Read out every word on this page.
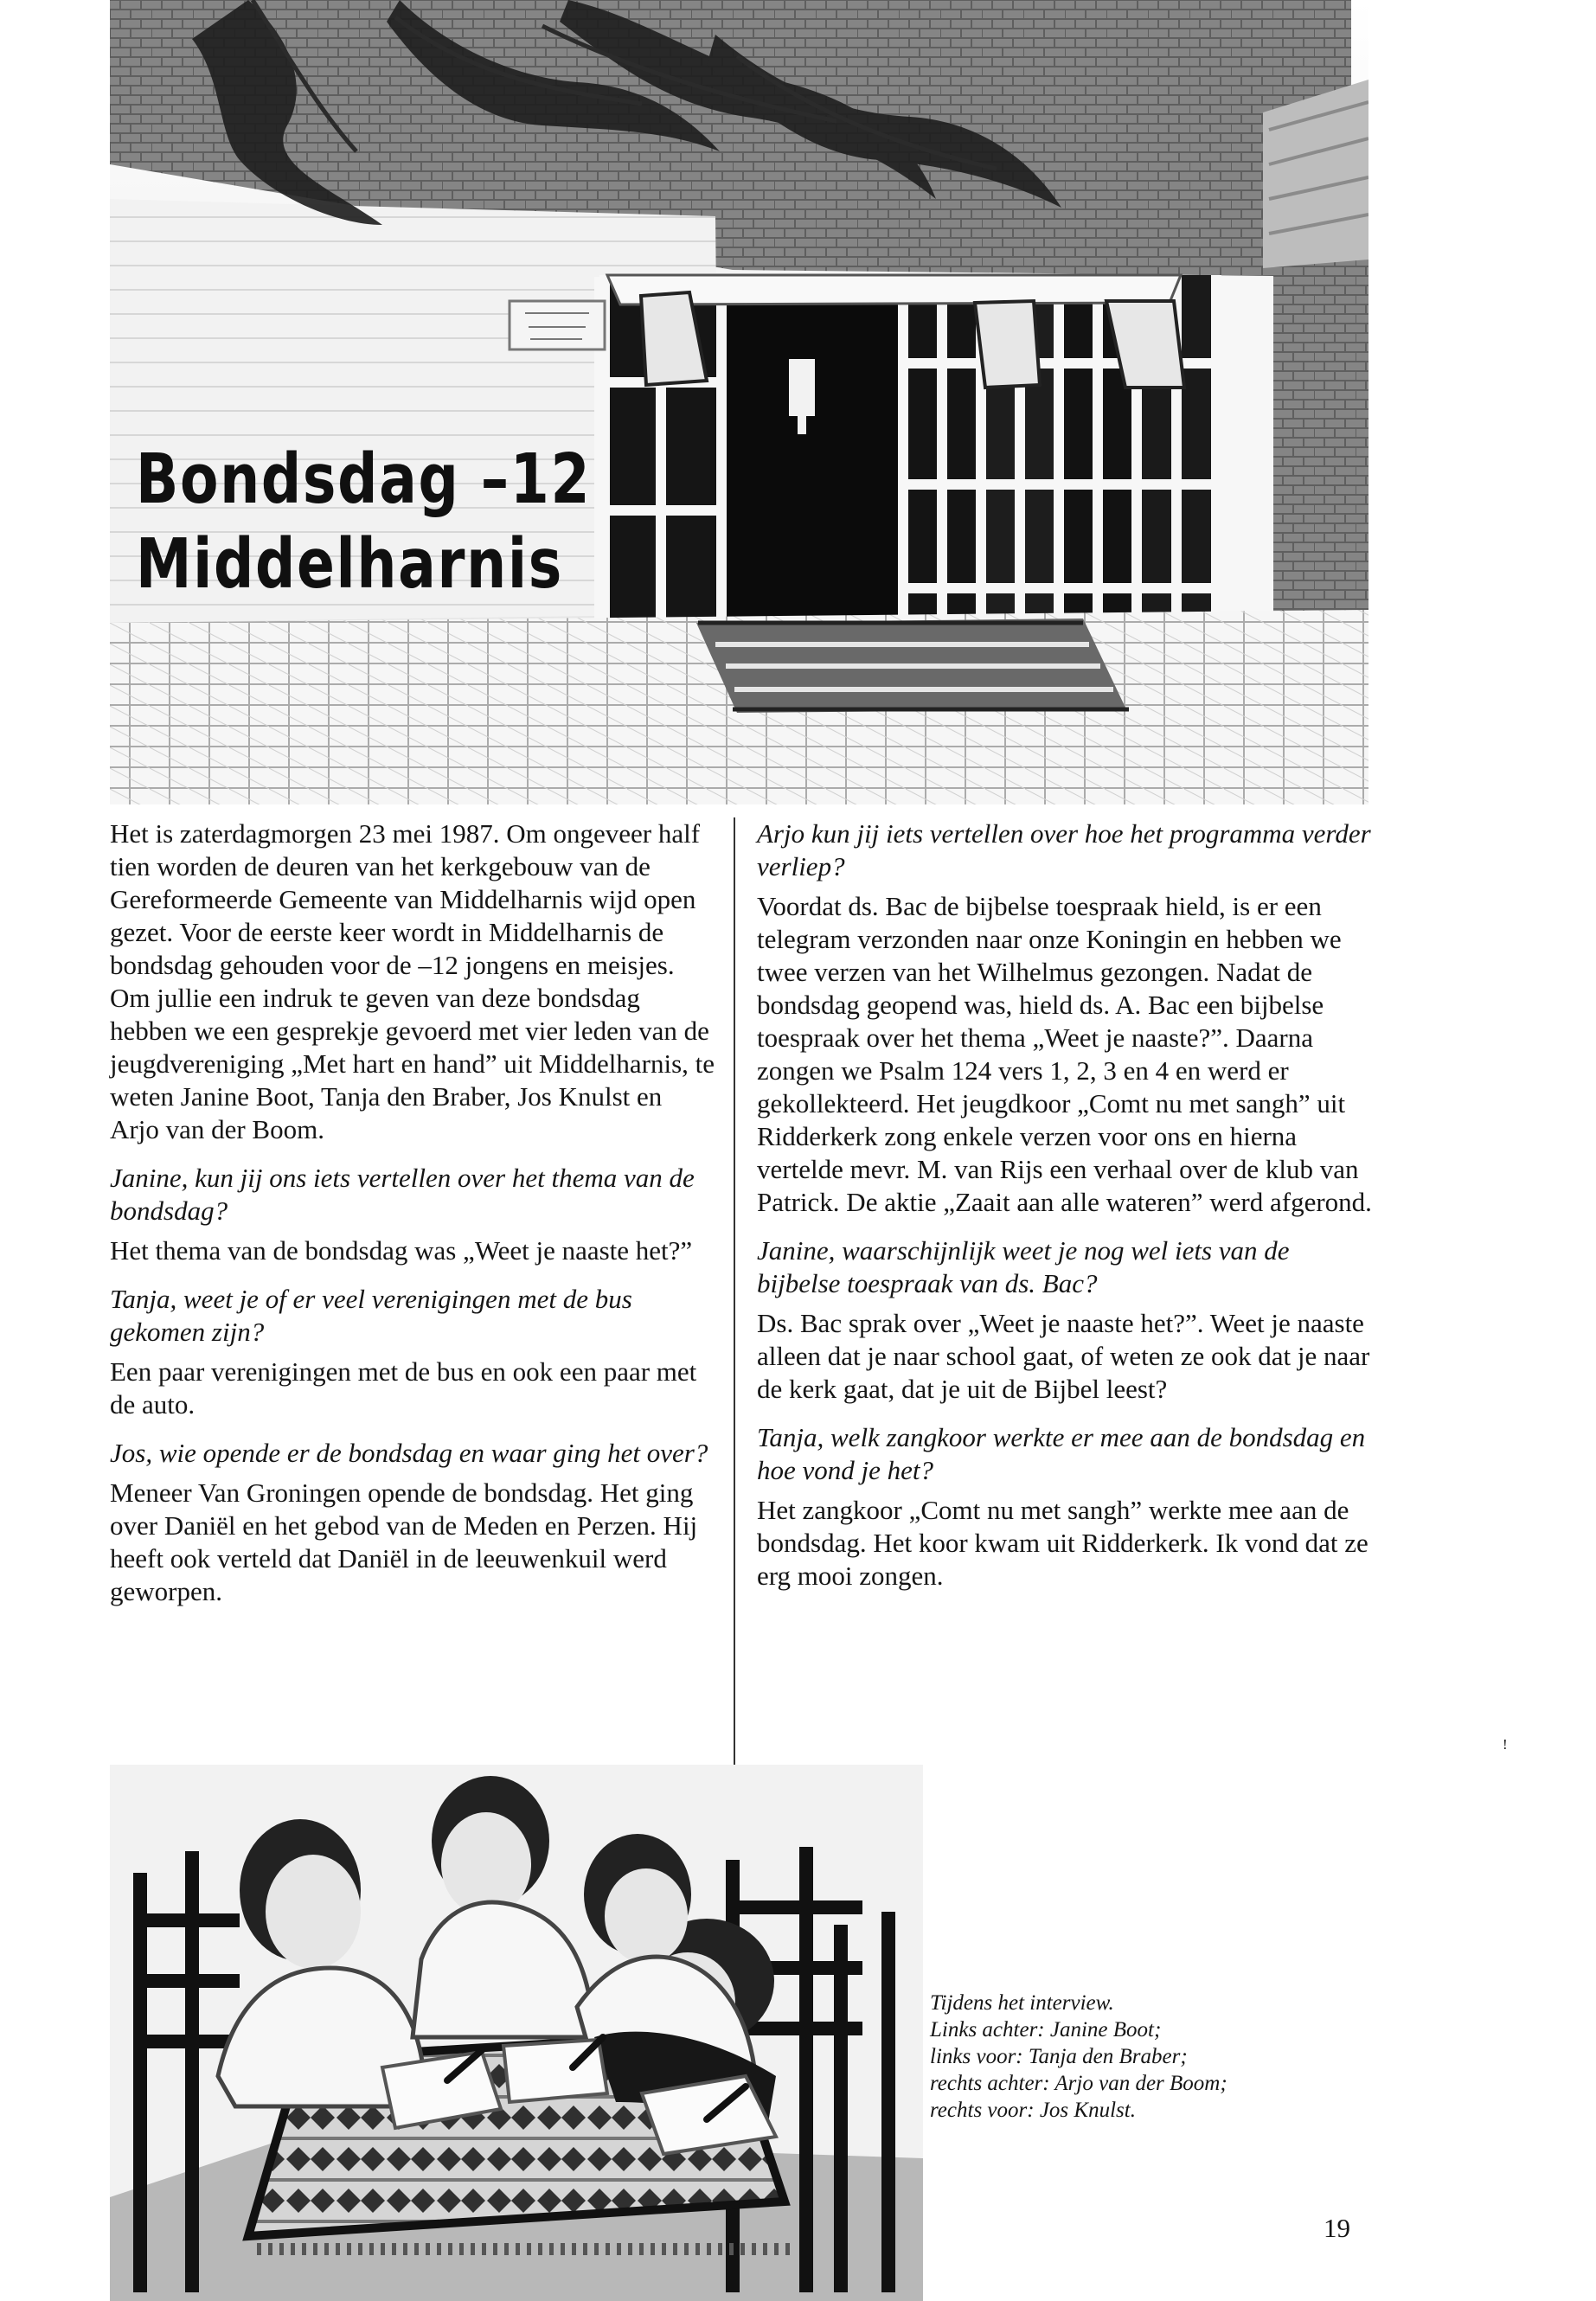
Bondsdag –12
Middelharnis

Het is zaterdagmorgen 23 mei 1987. Om ongeveer half tien worden de deuren van het kerkgebouw van de Gereformeerde Gemeente van Middelharnis wijd open gezet. Voor de eerste keer wordt in Middelharnis de bondsdag gehouden voor de –12 jongens en meisjes. Om jullie een indruk te geven van deze bondsdag hebben we een gesprekje gevoerd met vier leden van de jeugdvereniging „Met hart en hand” uit Middelharnis, te weten Janine Boot, Tanja den Braber, Jos Knulst en Arjo van der Boom.

Janine, kun jij ons iets vertellen over het thema van de bondsdag?

Het thema van de bondsdag was „Weet je naaste het?”

Tanja, weet je of er veel verenigingen met de bus gekomen zijn?

Een paar verenigingen met de bus en ook een paar met de auto.

Jos, wie opende er de bondsdag en waar ging het over?

Meneer Van Groningen opende de bondsdag. Het ging over Daniël en het gebod van de Meden en Perzen. Hij heeft ook verteld dat Daniël in de leeuwenkuil werd geworpen.

Arjo kun jij iets vertellen over hoe het programma verder verliep?

Voordat ds. Bac de bijbelse toespraak hield, is er een telegram verzonden naar onze Koningin en hebben we twee verzen van het Wilhelmus gezongen. Nadat de bondsdag geopend was, hield ds. A. Bac een bijbelse toespraak over het thema „Weet je naaste?”. Daarna zongen we Psalm 124 vers 1, 2, 3 en 4 en werd er gekollekteerd. Het jeugdkoor „Comt nu met sangh” uit Ridderkerk zong enkele verzen voor ons en hierna vertelde mevr. M. van Rijs een verhaal over de klub van Patrick. De aktie „Zaait aan alle wateren” werd afgerond.

Janine, waarschijnlijk weet je nog wel iets van de bijbelse toespraak van ds. Bac?

Ds. Bac sprak over „Weet je naaste het?”. Weet je naaste alleen dat je naar school gaat, of weten ze ook dat je naar de kerk gaat, dat je uit de Bijbel leest?

Tanja, welk zangkoor werkte er mee aan de bondsdag en hoe vond je het?

Het zangkoor „Comt nu met sangh” werkte mee aan de bondsdag. Het koor kwam uit Ridderkerk. Ik vond dat ze erg mooi zongen.

Tijdens het interview.
Links achter: Janine Boot;
links voor: Tanja den Braber;
rechts achter: Arjo van der Boom;
rechts voor: Jos Knulst.
!
19
